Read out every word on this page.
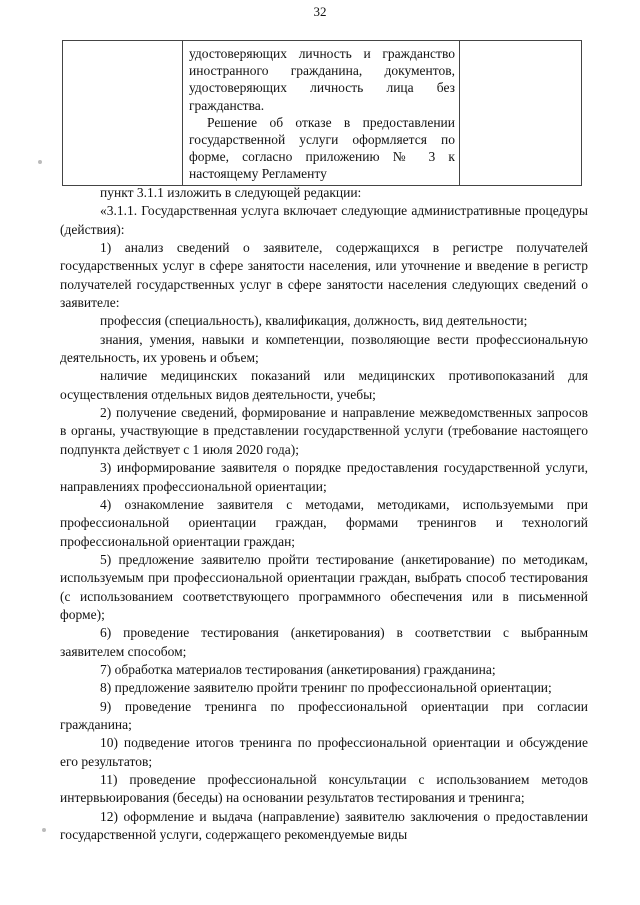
32

удостоверяющих личность и гражданство иностранного гражданина, документов, удостоверяющих личность лица без гражданства.

Решение об отказе в предоставлении государственной услуги оформляется по форме, согласно приложению № 3 к настоящему Регламенту

пункт 3.1.1 изложить в следующей редакции:

«3.1.1. Государственная услуга включает следующие административные процедуры (действия):

1) анализ сведений о заявителе, содержащихся в регистре получателей государственных услуг в сфере занятости населения, или уточнение и введение в регистр получателей государственных услуг в сфере занятости населения следующих сведений о заявителе:

профессия (специальность), квалификация, должность, вид деятельности;

знания, умения, навыки и компетенции, позволяющие вести профессиональную деятельность, их уровень и объем;

наличие медицинских показаний или медицинских противопоказаний для осуществления отдельных видов деятельности, учебы;

2) получение сведений, формирование и направление межведомственных запросов в органы, участвующие в представлении государственной услуги (требование настоящего подпункта действует с 1 июля 2020 года);

3) информирование заявителя о порядке предоставления государственной услуги, направлениях профессиональной ориентации;

4) ознакомление заявителя с методами, методиками, используемыми при профессиональной ориентации граждан, формами тренингов и технологий профессиональной ориентации граждан;

5) предложение заявителю пройти тестирование (анкетирование) по методикам, используемым при профессиональной ориентации граждан, выбрать способ тестирования (с использованием соответствующего программного обеспечения или в письменной форме);

6) проведение тестирования (анкетирования) в соответствии с выбранным заявителем способом;

7) обработка материалов тестирования (анкетирования) гражданина;

8) предложение заявителю пройти тренинг по профессиональной ориентации;

9) проведение тренинга по профессиональной ориентации при согласии гражданина;

10) подведение итогов тренинга по профессиональной ориентации и обсуждение его результатов;

11) проведение профессиональной консультации с использованием методов интервьюирования (беседы) на основании результатов тестирования и тренинга;

12) оформление и выдача (направление) заявителю заключения о предоставлении государственной услуги, содержащего рекомендуемые виды
